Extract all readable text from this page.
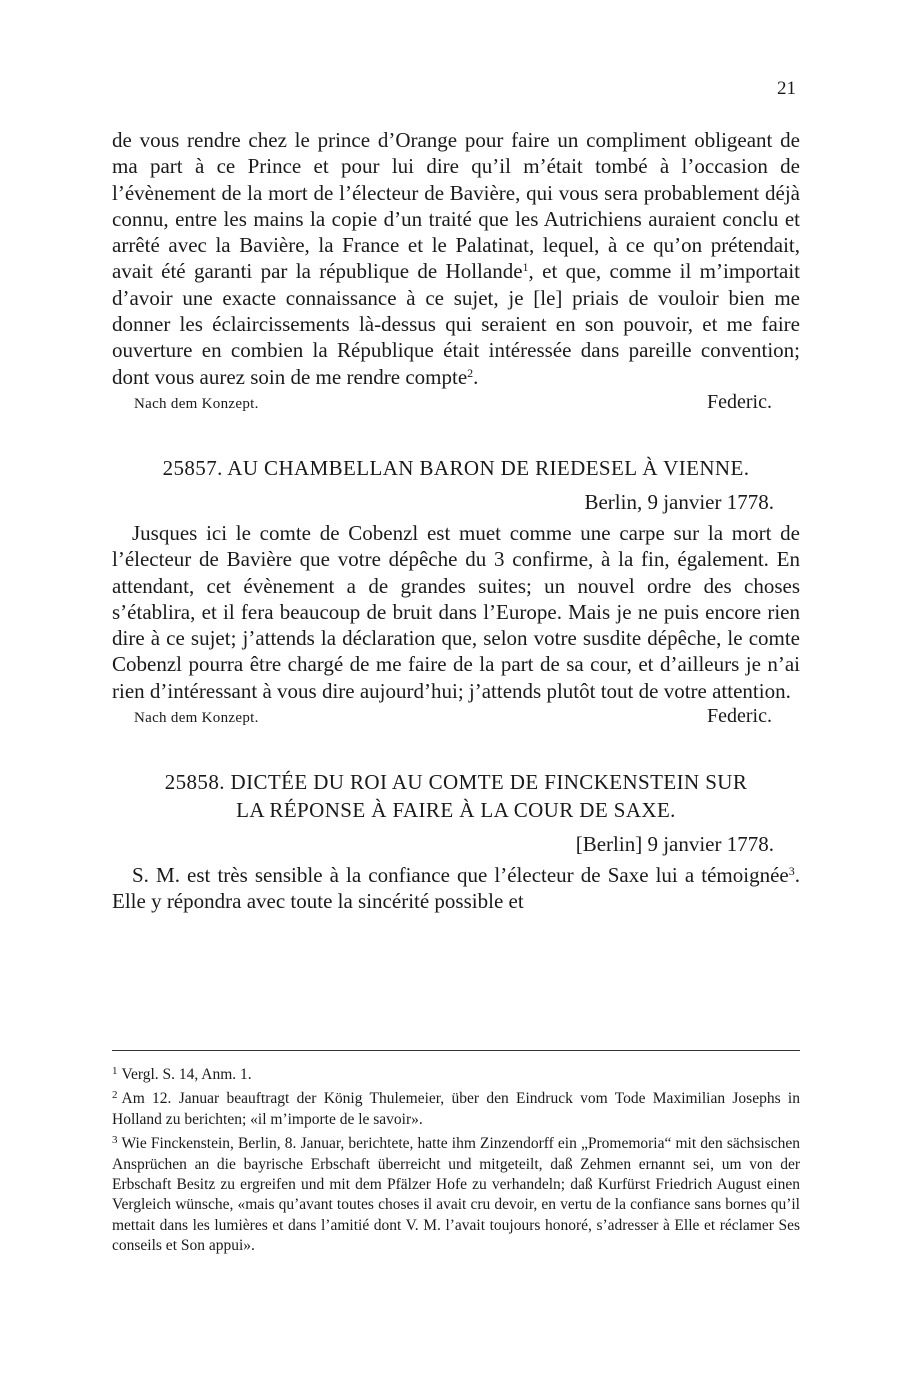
21

de vous rendre chez le prince d’Orange pour faire un compliment obligeant de ma part à ce Prince et pour lui dire qu’il m’était tombé à l’occasion de l’évènement de la mort de l’électeur de Bavière, qui vous sera probablement déjà connu, entre les mains la copie d’un traité que les Autrichiens auraient conclu et arrêté avec la Bavière, la France et le Palatinat, lequel, à ce qu’on prétendait, avait été garanti par la république de Hollande$^1$, et que, comme il m’importait d’avoir une exacte connaissance à ce sujet, je [le] priais de vouloir bien me donner les éclaircissements là-dessus qui seraient en son pouvoir, et me faire ouverture en combien la République était intéressée dans pareille convention; dont vous aurez soin de me rendre compte$^2$.

Nach dem Konzept.	Federic.
25857. AU CHAMBELLAN BARON DE RIEDESEL À VIENNE.
Berlin, 9 janvier 1778.

Jusques ici le comte de Cobenzl est muet comme une carpe sur la mort de l’électeur de Bavière que votre dépêche du 3 confirme, à la fin, également. En attendant, cet évènement a de grandes suites; un nouvel ordre des choses s’établira, et il fera beaucoup de bruit dans l’Europe. Mais je ne puis encore rien dire à ce sujet; j’attends la déclaration que, selon votre susdite dépêche, le comte Cobenzl pourra être chargé de me faire de la part de sa cour, et d’ailleurs je n’ai rien d’intéressant à vous dire aujourd’hui; j’attends plutôt tout de votre attention.

Nach dem Konzept.	Federic.
25858. DICTÉE DU ROI AU COMTE DE FINCKENSTEIN SUR
LA RÉPONSE À FAIRE À LA COUR DE SAXE.
[Berlin] 9 janvier 1778.

S. M. est très sensible à la confiance que l’électeur de Saxe lui a témoignée$^3$. Elle y répondra avec toute la sincérité possible et

$^1$ Vergl. S. 14, Anm. 1.

$^2$ Am 12. Januar beauftragt der König Thulemeier, über den Eindruck vom Tode Maximilian Josephs in Holland zu berichten; «il m’importe de le savoir».

$^3$ Wie Finckenstein, Berlin, 8. Januar, berichtete, hatte ihm Zinzendorff ein „Promemoria“ mit den sächsischen Ansprüchen an die bayrische Erbschaft überreicht und mitgeteilt, daß Zehmen ernannt sei, um von der Erbschaft Besitz zu ergreifen und mit dem Pfälzer Hofe zu verhandeln; daß Kurfürst Friedrich August einen Vergleich wünsche, «mais qu’avant toutes choses il avait cru devoir, en vertu de la confiance sans bornes qu’il mettait dans les lumières et dans l’amitié dont V. M. l’avait toujours honoré, s’adresser à Elle et réclamer Ses conseils et Son appui».
